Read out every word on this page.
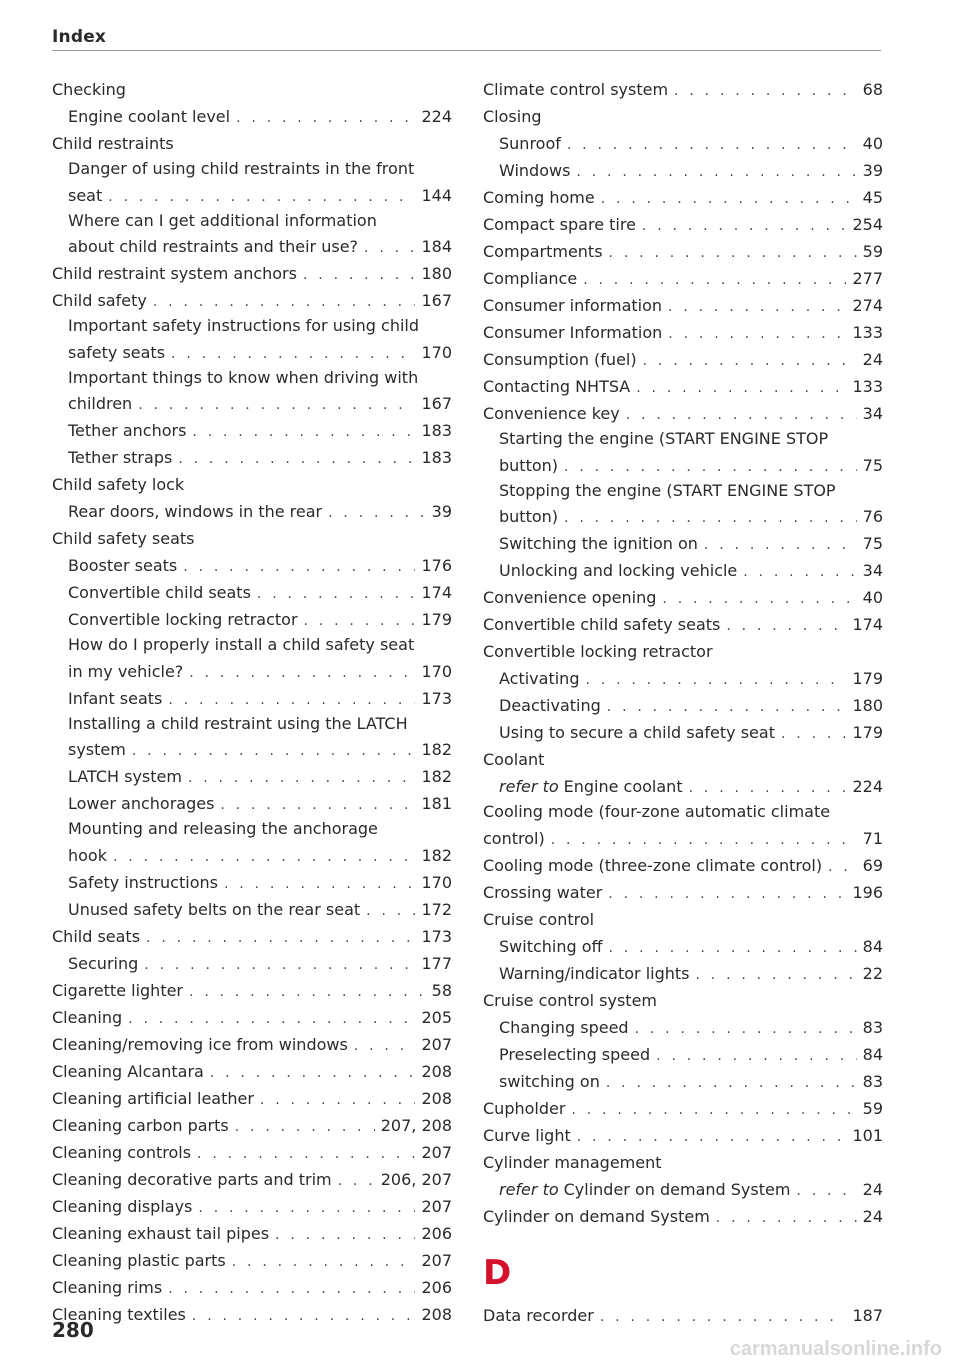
Index
Checking
Engine coolant level . . .	224
Child restraints
Danger of using child restraints in the front
seat . . .	144
Where can I get additional information
about child restraints and their use? . . .	184
Child restraint system anchors . . .	180
Child safety . . .	167
Important safety instructions for using child
safety seats . . .	170
Important things to know when driving with
children . . .	167
Tether anchors . . .	183
Tether straps . . .	183
Child safety lock
Rear doors, windows in the rear . . .	39
Child safety seats
Booster seats . . .	176
Convertible child seats . . .	174
Convertible locking retractor . . .	179
How do I properly install a child safety seat
in my vehicle? . . .	170
Infant seats . . .	173
Installing a child restraint using the LATCH
system . . .	182
LATCH system . . .	182
Lower anchorages . . .	181
Mounting and releasing the anchorage
hook . . .	182
Safety instructions . . .	170
Unused safety belts on the rear seat . . .	172
Child seats . . .	173
Securing . . .	177
Cigarette lighter . . .	58
Cleaning . . .	205
Cleaning/removing ice from windows . . .	207
Cleaning Alcantara . . .	208
Cleaning artificial leather . . .	208
Cleaning carbon parts . . .	207, 208
Cleaning controls . . .	207
Cleaning decorative parts and trim . . .	206, 207
Cleaning displays . . .	207
Cleaning exhaust tail pipes . . .	206
Cleaning plastic parts . . .	207
Cleaning rims . . .	206
Cleaning textiles . . .	208
Climate control system . . .	68
Closing
Sunroof . . .	40
Windows . . .	39
Coming home . . .	45
Compact spare tire . . .	254
Compartments . . .	59
Compliance . . .	277
Consumer information . . .	274
Consumer Information . . .	133
Consumption (fuel) . . .	24
Contacting NHTSA . . .	133
Convenience key . . .	34
Starting the engine (START ENGINE STOP
button) . . .	75
Stopping the engine (START ENGINE STOP
button) . . .	76
Switching the ignition on . . .	75
Unlocking and locking vehicle . . .	34
Convenience opening . . .	40
Convertible child safety seats . . .	174
Convertible locking retractor
Activating . . .	179
Deactivating . . .	180
Using to secure a child safety seat . . .	179
Coolant
refer to Engine coolant . . .	224
Cooling mode (four-zone automatic climate
control) . . .	71
Cooling mode (three-zone climate control) . . .	69
Crossing water . . .	196
Cruise control
Switching off . . .	84
Warning/indicator lights . . .	22
Cruise control system
Changing speed . . .	83
Preselecting speed . . .	84
switching on . . .	83
Cupholder . . .	59
Curve light . . .	101
Cylinder management
refer to Cylinder on demand System . . .	24
Cylinder on demand System . . .	24
D
Data recorder . . .	187
280
carmanualsonline.info
